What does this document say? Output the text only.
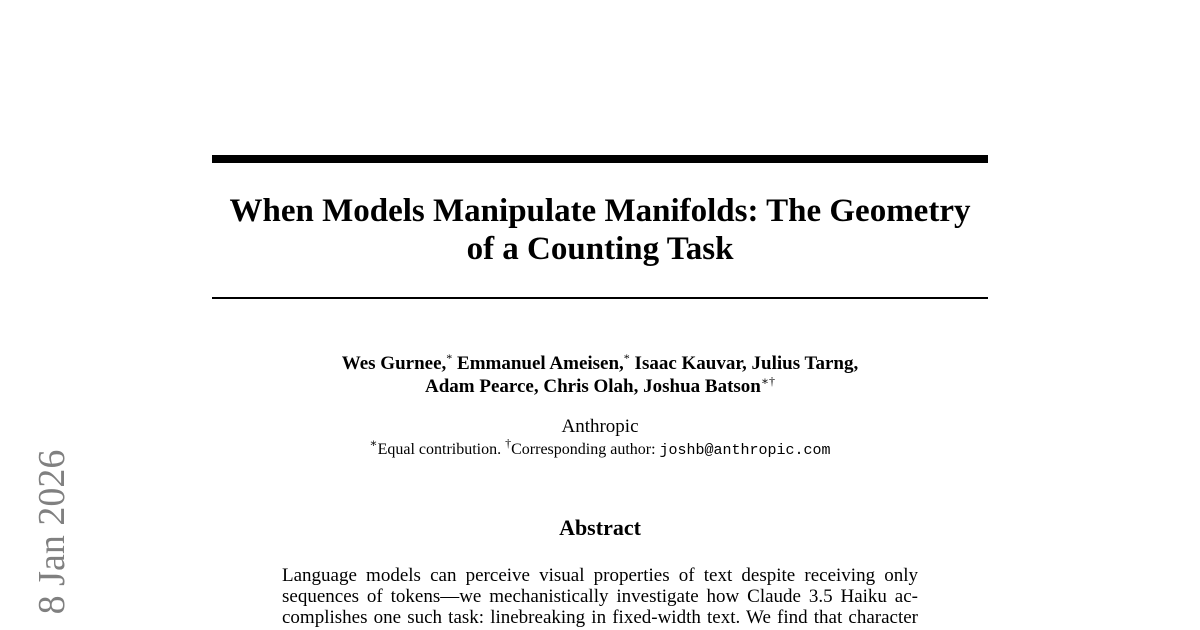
8 Jan 2026
When Models Manipulate Manifolds: The Geometry
of a Counting Task
Wes Gurnee,* Emmanuel Ameisen,* Isaac Kauvar, Julius Tarng,
Adam Pearce, Chris Olah, Joshua Batson∗†
Anthropic
∗Equal contribution. †Corresponding author: joshb@anthropic.com
Abstract
Language models can perceive visual properties of text despite receiving only
sequences of tokens—we mechanistically investigate how Claude 3.5 Haiku ac-
complishes one such task: linebreaking in fixed-width text. We find that character
